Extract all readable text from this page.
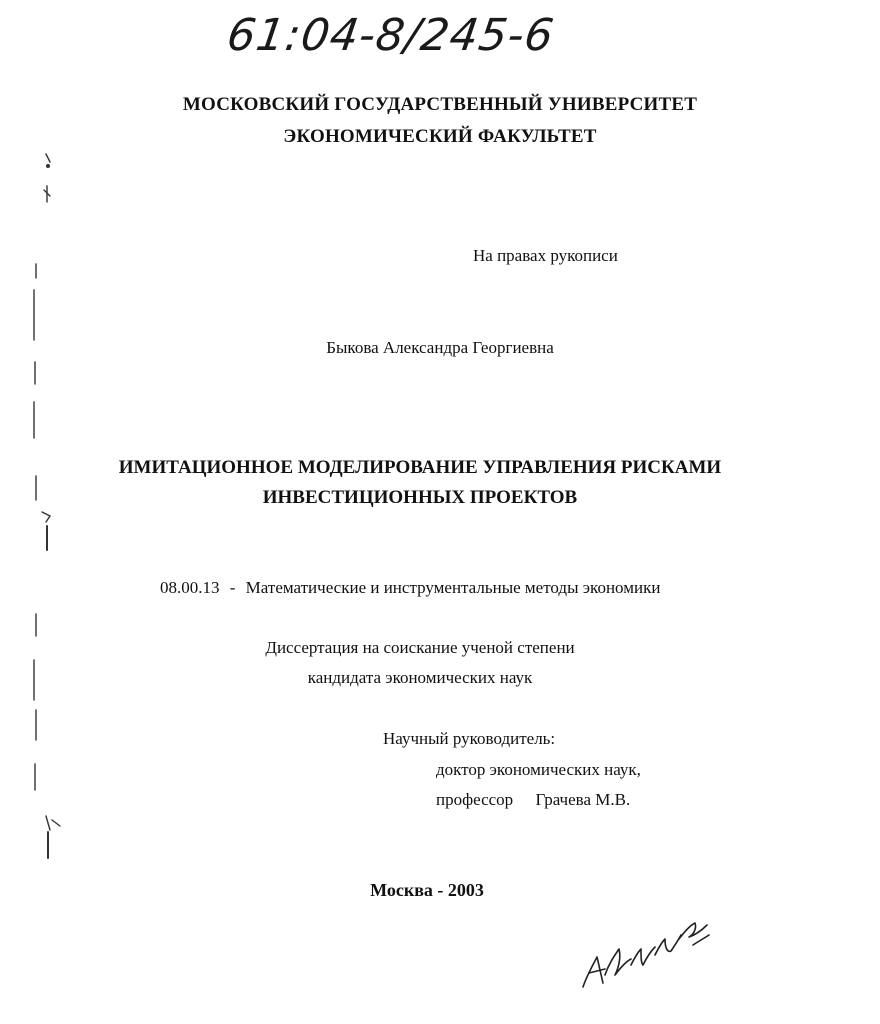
61:04-8/245-6
МОСКОВСКИЙ ГОСУДАРСТВЕННЫЙ УНИВЕРСИТЕТ
ЭКОНОМИЧЕСКИЙ ФАКУЛЬТЕТ
На правах рукописи
Быкова Александра Георгиевна
ИМИТАЦИОННОЕ МОДЕЛИРОВАНИЕ УПРАВЛЕНИЯ РИСКАМИ
ИНВЕСТИЦИОННЫХ ПРОЕКТОВ
08.00.13 - Математические и инструментальные методы экономики
Диссертация на соискание ученой степени
кандидата экономических наук
Научный руководитель:
доктор экономических наук,
профессор Грачева М.В.
Москва - 2003
